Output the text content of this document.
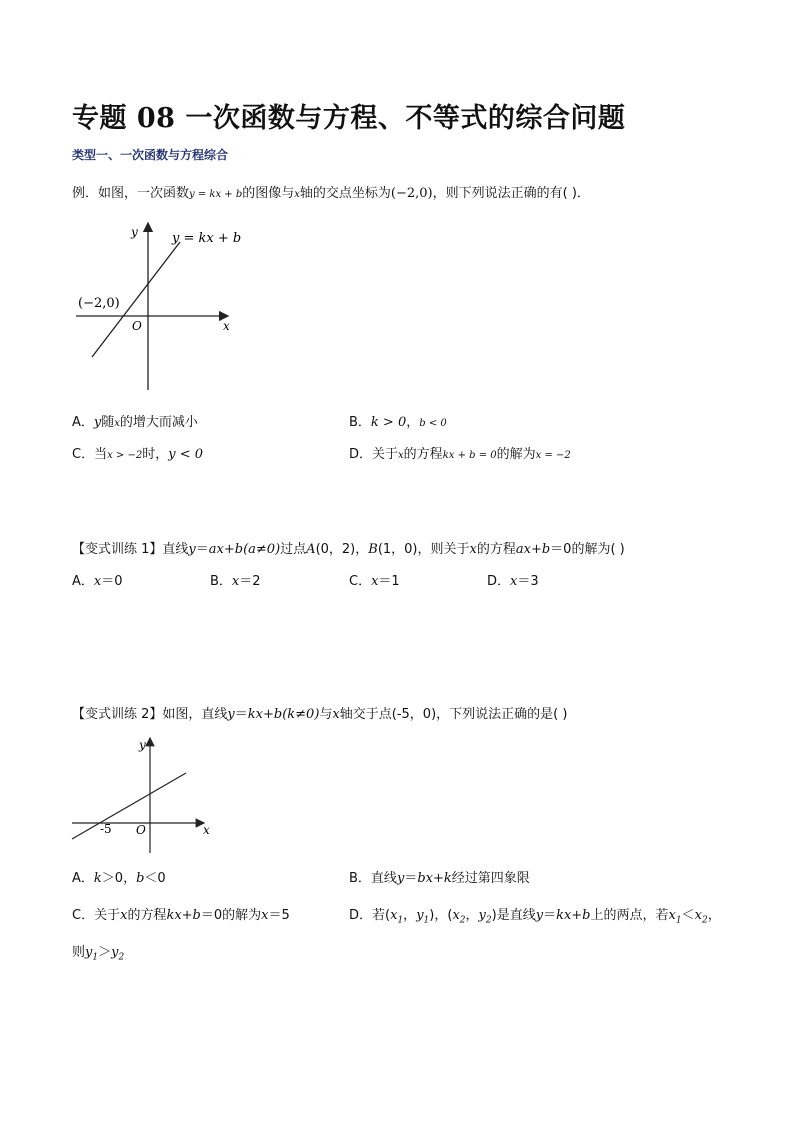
专题 08 一次函数与方程、不等式的综合问题
类型一、一次函数与方程综合
例．如图，一次函数y = kx + b的图像与x轴的交点坐标为(−2,0)，则下列说法正确的有( )．
y = kx + b
(−2,0)
O	x
y
A．y随x的增大而减小	B．k > 0，b < 0
C．当x > −2时，y < 0	D．关于x的方程kx + b = 0的解为x = −2
【变式训练 1】直线y＝ax+b(a≠0)过点A(0，2)，B(1，0)，则关于x的方程ax+b＝0的解为( )
A．x＝0	B．x＝2	C．x＝1	D．x＝3
【变式训练 2】如图，直线y＝kx+b(k≠0)与x轴交于点(-5，0)，下列说法正确的是( )
-5 O	x
y
A．k＞0，b＜0	B．直线y＝bx+k经过第四象限
C．关于x的方程kx+b＝0的解为x＝5	D．若($x_1$，$y_1$)，($x_2$，$y_2$)是直线y＝kx+b上的两点，若$x_1<x_2$，
则$y_1>y_2$
